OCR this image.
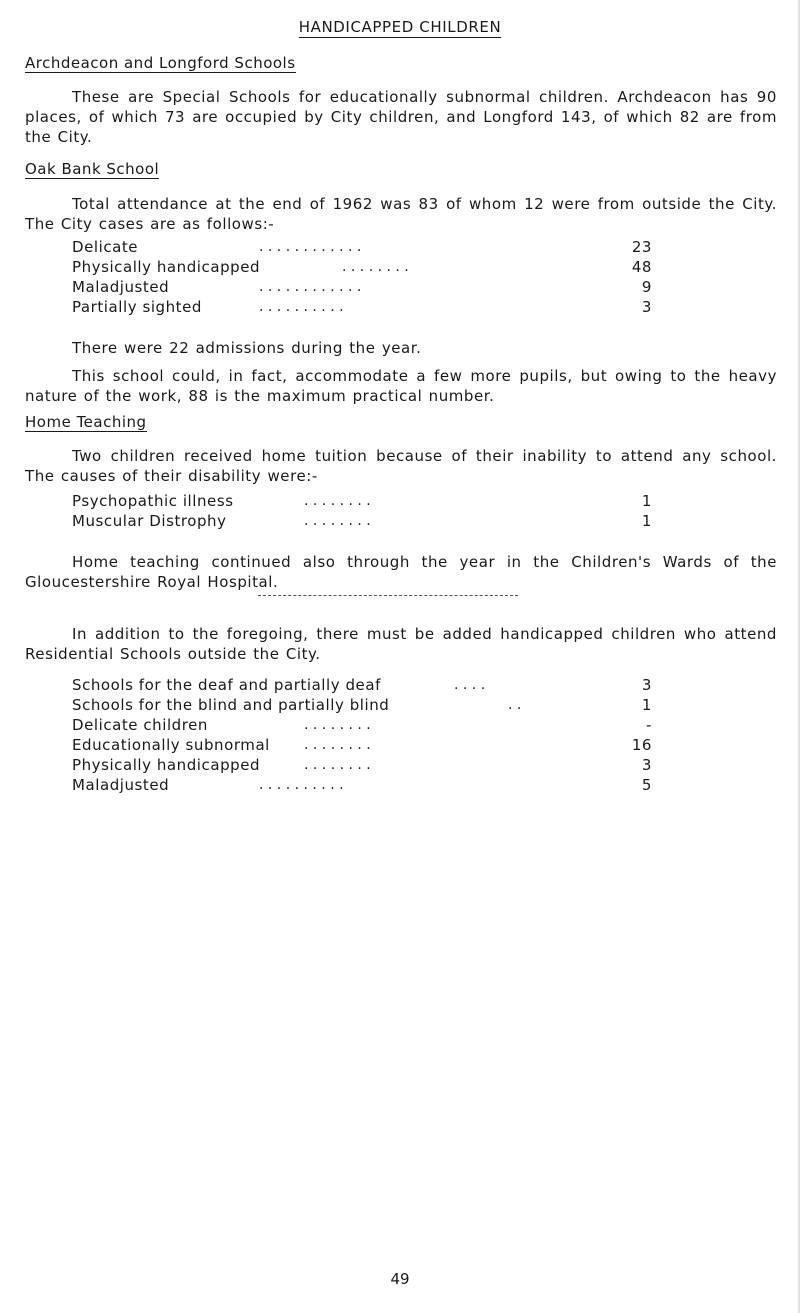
HANDICAPPED CHILDREN
Archdeacon and Longford Schools

These are Special Schools for educationally subnormal children. Archdeacon has 90 places, of which 73 are occupied by City children, and Longford 143, of which 82 are from the City.

Oak Bank School

Total attendance at the end of 1962 was 83 of whom 12 were from outside the City. The City cases are as follows:-

Delicate	. . . . . . . . . . . .	23
Physically handicapped	. . . . . . . .	48
Maladjusted	. . . . . . . . . . . .	9
Partially sighted	. . . . . . . . . .	3

There were 22 admissions during the year.

This school could, in fact, accommodate a few more pupils, but owing to the heavy nature of the work, 88 is the maximum practical number.

Home Teaching

Two children received home tuition because of their inability to attend any school. The causes of their disability were:-

Psychopathic illness	. . . . . . . .	1
Muscular Distrophy	. . . . . . . .	1

Home teaching continued also through the year in the Children's Wards of the Gloucestershire Royal Hospital.

In addition to the foregoing, there must be added handicapped children who attend Residential Schools outside the City.

Schools for the deaf and partially deaf	. . . .	3
Schools for the blind and partially blind	. .	1
Delicate children	. . . . . . . .	-
Educationally subnormal . . . . . . . .	16
Physically handicapped	. . . . . . . .	3
Maladjusted	. . . . . . . . . .	5
49
